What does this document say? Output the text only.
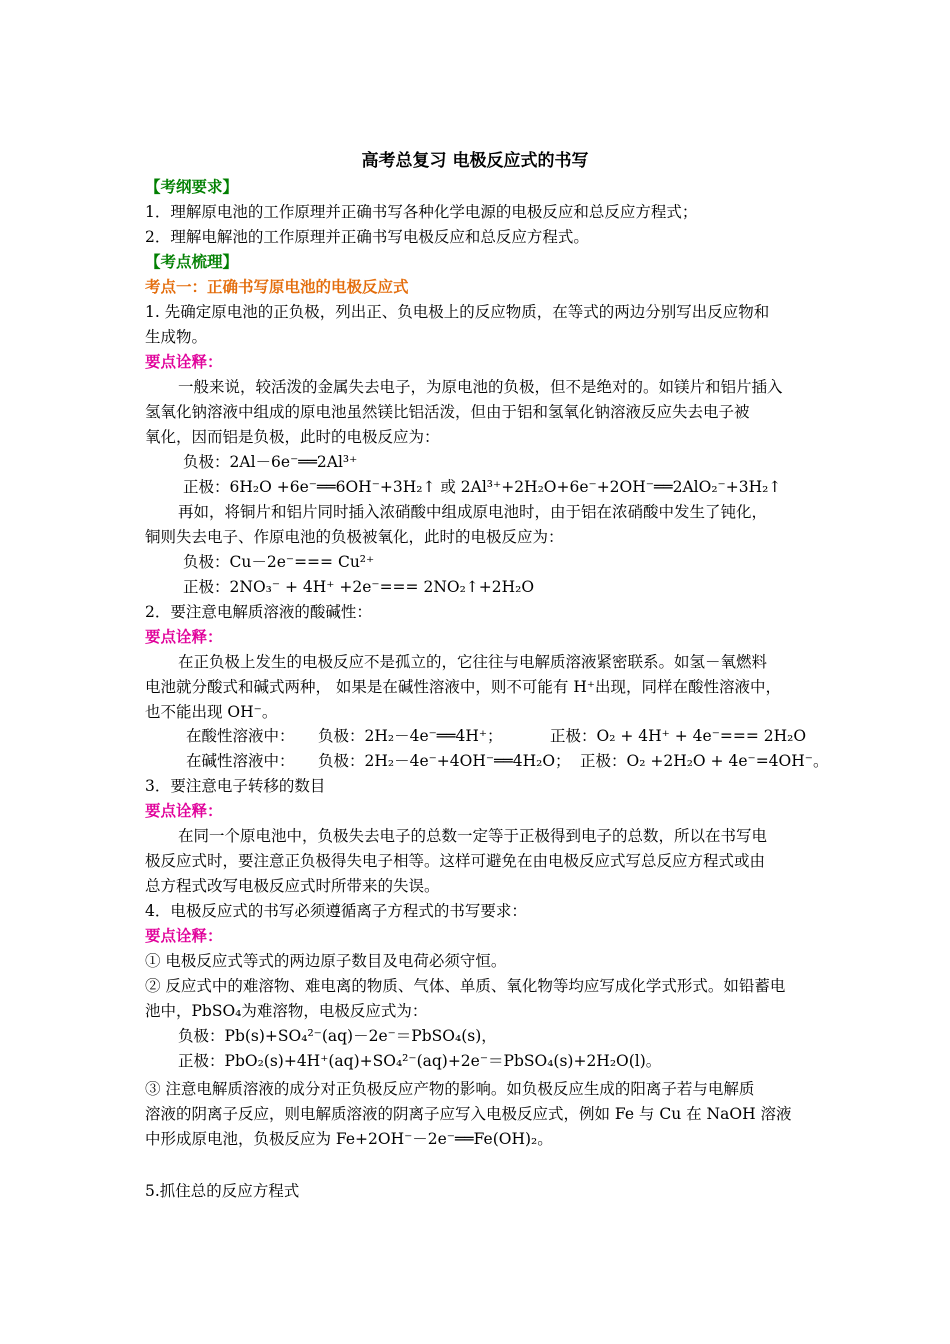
高考总复习 电极反应式的书写

【考纲要求】

1．理解原电池的工作原理并正确书写各种化学电源的电极反应和总反应方程式；

2．理解电解池的工作原理并正确书写电极反应和总反应方程式。

【考点梳理】

考点一：正确书写原电池的电极反应式

1. 先确定原电池的正负极，列出正、负电极上的反应物质，在等式的两边分别写出反应物和

生成物。

要点诠释：

一般来说，较活泼的金属失去电子，为原电池的负极，但不是绝对的。如镁片和铝片插入

氢氧化钠溶液中组成的原电池虽然镁比铝活泼，但由于铝和氢氧化钠溶液反应失去电子被

氧化，因而铝是负极，此时的电极反应为：

负极：2Al－6e⁻══2Al³⁺

正极：6H₂O +6e⁻══6OH⁻+3H₂↑ 或 2Al³⁺+2H₂O+6e⁻+2OH⁻══2AlO₂⁻+3H₂↑

再如，将铜片和铝片同时插入浓硝酸中组成原电池时，由于铝在浓硝酸中发生了钝化，

铜则失去电子、作原电池的负极被氧化，此时的电极反应为：

负极：Cu－2e⁻=== Cu²⁺

正极：2NO₃⁻ + 4H⁺ +2e⁻=== 2NO₂↑+2H₂O

2．要注意电解质溶液的酸碱性：

要点诠释：

在正负极上发生的电极反应不是孤立的，它往往与电解质溶液紧密联系。如氢－氧燃料

电池就分酸式和碱式两种， 如果是在碱性溶液中，则不可能有 H⁺出现，同样在酸性溶液中，

也不能出现 OH⁻。

在酸性溶液中： 负极：2H₂－4e⁻══4H⁺；	正极：O₂ + 4H⁺ + 4e⁻=== 2H₂O

在碱性溶液中： 负极：2H₂－4e⁻+4OH⁻══4H₂O； 正极：O₂ +2H₂O + 4e⁻=4OH⁻。

3．要注意电子转移的数目

要点诠释：

在同一个原电池中，负极失去电子的总数一定等于正极得到电子的总数，所以在书写电

极反应式时，要注意正负极得失电子相等。这样可避免在由电极反应式写总反应方程式或由

总方程式改写电极反应式时所带来的失误。

4．电极反应式的书写必须遵循离子方程式的书写要求：

要点诠释：

① 电极反应式等式的两边原子数目及电荷必须守恒。

② 反应式中的难溶物、难电离的物质、气体、单质、氧化物等均应写成化学式形式。如铅蓄电

池中，PbSO₄为难溶物，电极反应式为：

负极：Pb(s)+SO₄²⁻(aq)－2e⁻＝PbSO₄(s)，

正极：PbO₂(s)+4H⁺(aq)+SO₄²⁻(aq)+2e⁻＝PbSO₄(s)+2H₂O(l)。

③ 注意电解质溶液的成分对正负极反应产物的影响。如负极反应生成的阳离子若与电解质

溶液的阴离子反应，则电解质溶液的阴离子应写入电极反应式，例如 Fe 与 Cu 在 NaOH 溶液

中形成原电池，负极反应为 Fe+2OH⁻－2e⁻══Fe(OH)₂。

5.抓住总的反应方程式
